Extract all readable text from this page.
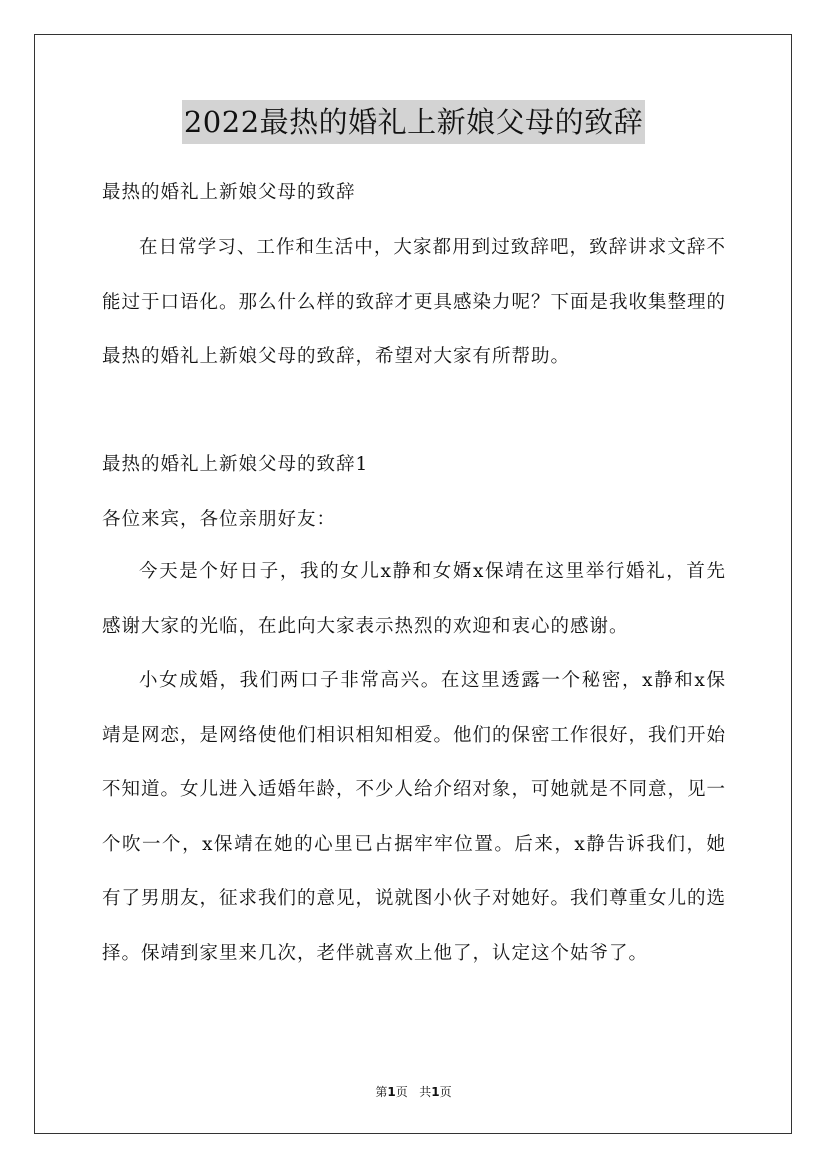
2022最热的婚礼上新娘父母的致辞

最热的婚礼上新娘父母的致辞

在日常学习、工作和生活中，大家都用到过致辞吧，致辞讲求文辞不能过于口语化。那么什么样的致辞才更具感染力呢？下面是我收集整理的最热的婚礼上新娘父母的致辞，希望对大家有所帮助。

最热的婚礼上新娘父母的致辞1

各位来宾，各位亲朋好友：

今天是个好日子，我的女儿x静和女婿x保靖在这里举行婚礼，首先感谢大家的光临，在此向大家表示热烈的欢迎和衷心的感谢。

小女成婚，我们两口子非常高兴。在这里透露一个秘密，x静和x保靖是网恋，是网络使他们相识相知相爱。他们的保密工作很好，我们开始不知道。女儿进入适婚年龄，不少人给介绍对象，可她就是不同意，见一个吹一个，x保靖在她的心里已占据牢牢位置。后来，x静告诉我们，她有了男朋友，征求我们的意见，说就图小伙子对她好。我们尊重女儿的选择。保靖到家里来几次，老伴就喜欢上他了，认定这个姑爷了。

第1页   共1页
